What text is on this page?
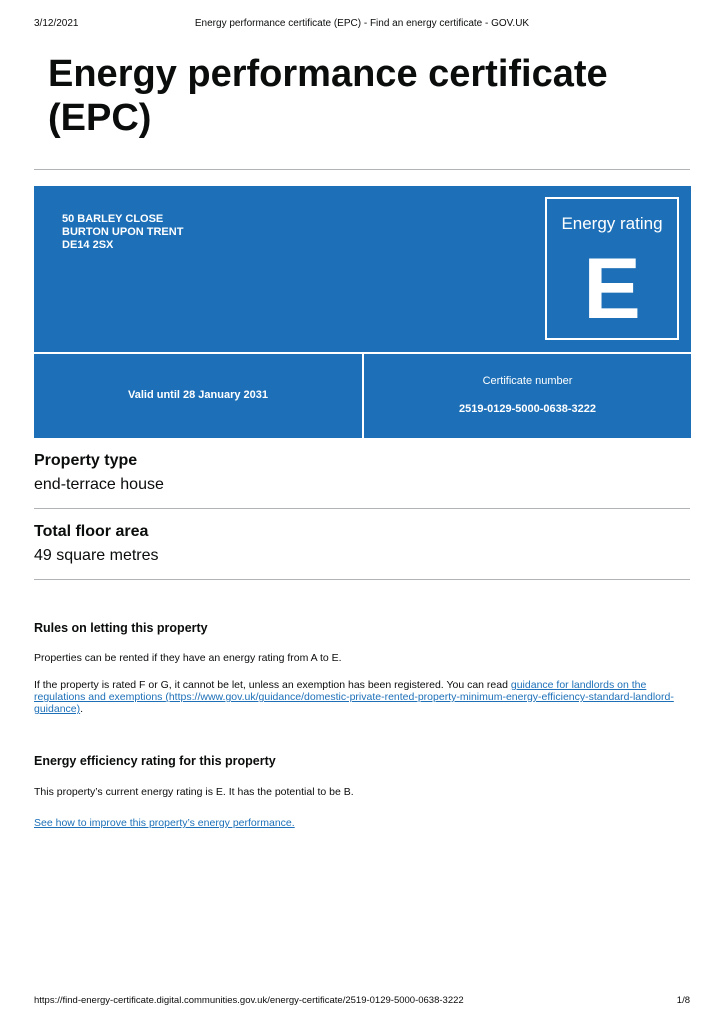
3/12/2021	Energy performance certificate (EPC) - Find an energy certificate - GOV.UK
Energy performance certificate (EPC)
50 BARLEY CLOSE
BURTON UPON TRENT
DE14 2SX
Energy rating
E
Valid until 28 January 2031
Certificate number
2519-0129-5000-0638-3222
Property type
end-terrace house
Total floor area
49 square metres
Rules on letting this property
Properties can be rented if they have an energy rating from A to E.
If the property is rated F or G, it cannot be let, unless an exemption has been registered. You can read guidance for landlords on the regulations and exemptions (https://www.gov.uk/guidance/domestic-private-rented-property-minimum-energy-efficiency-standard-landlord-guidance).
Energy efficiency rating for this property
This property’s current energy rating is E. It has the potential to be B.
See how to improve this property’s energy performance.
https://find-energy-certificate.digital.communities.gov.uk/energy-certificate/2519-0129-5000-0638-3222	1/8
